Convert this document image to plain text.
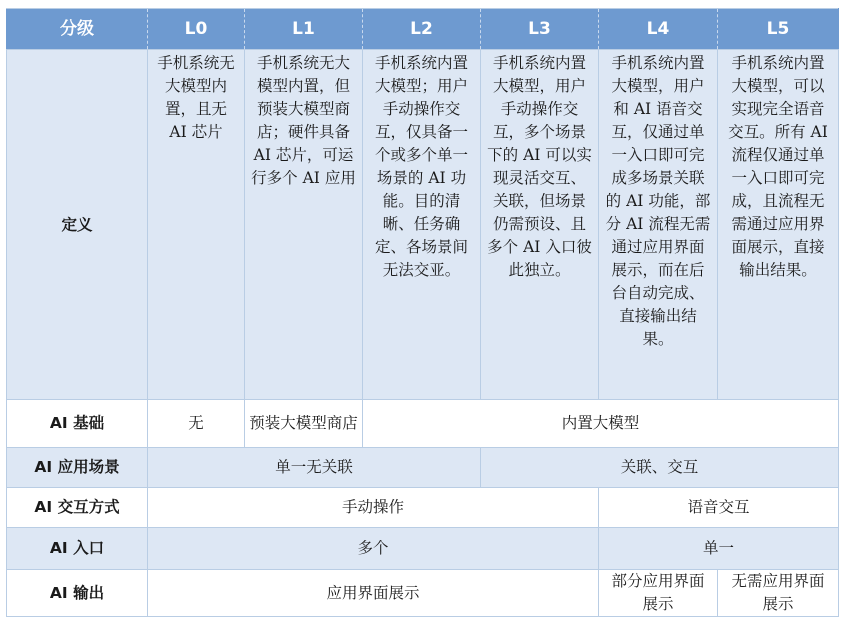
分级	L0	L1	L2	L3	L4	L5
定义	手机系统无大模型内置，且无 AI 芯片	手机系统无大模型内置，但预装大模型商店；硬件具备 AI 芯片，可运行多个 AI 应用	手机系统内置大模型；用户手动操作交互，仅具备一个或多个单一场景的 AI 功能。目的清晰、任务确定、各场景间无法交亚。	手机系统内置大模型，用户手动操作交互，多个场景下的 AI 可以实现灵活交互、关联，但场景仍需预设、且多个 AI 入口彼此独立。	手机系统内置大模型，用户和 AI 语音交互，仅通过单一入口即可完成多场景关联的 AI 功能，部分 AI 流程无需通过应用界面展示，而在后台自动完成、直接输出结果。	手机系统内置大模型，可以实现完全语音交互。所有 AI 流程仅通过单一入口即可完成，且流程无需通过应用界面展示，直接输出结果。
AI 基础	无	预装大模型商店	内置大模型			
AI 应用场景	单一无关联			关联、交互		
AI 交互方式	手动操作				语音交互	
AI 入口	多个				单一	
AI 输出	应用界面展示				部分应用界面展示	无需应用界面展示
